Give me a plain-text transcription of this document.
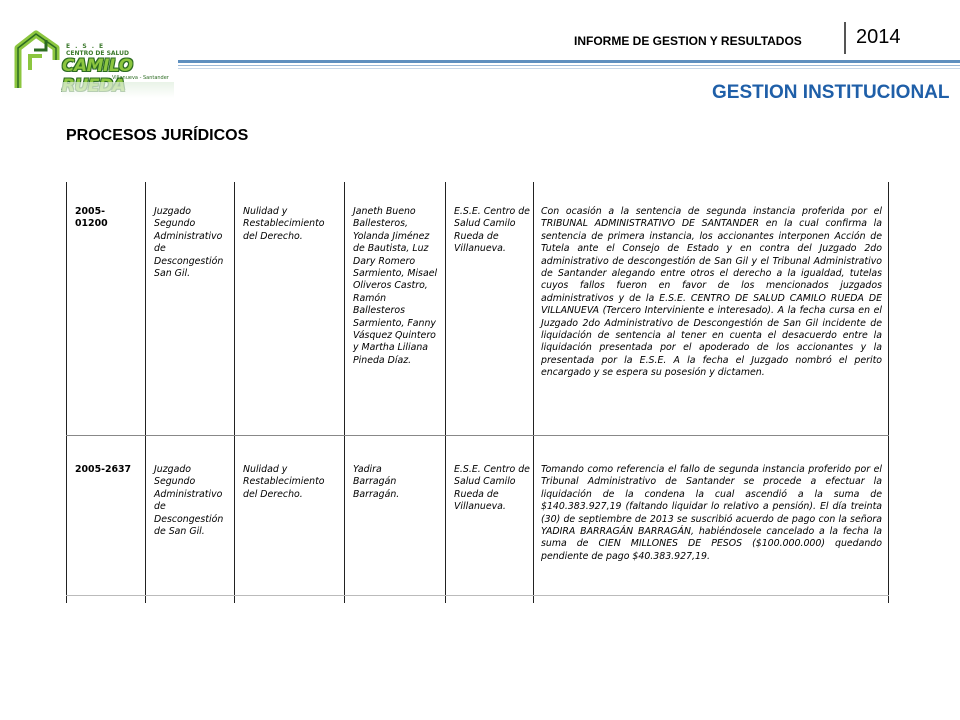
E.S.E
CENTRO DE SALUD
CAMILO
Villanueva - Santander
INFORME DE GESTION Y RESULTADOS	2014
GESTION INSTITUCIONAL
PROCESOS JURÍDICOS
2005-01200
Juzgado Segundo Administrativo de Descongestión San Gil.
Nulidad y Restablecimiento del Derecho.
Janeth Bueno Ballesteros, Yolanda Jiménez de Bautista, Luz Dary Romero Sarmiento, Misael Oliveros Castro, Ramón Ballesteros Sarmiento, Fanny Vásquez Quintero y Martha Liliana Pineda Díaz.
E.S.E. Centro de Salud Camilo Rueda de Villanueva.
Con ocasión a la sentencia de segunda instancia proferida por el TRIBUNAL ADMINISTRATIVO DE SANTANDER en la cual confirma la sentencia de primera instancia, los accionantes interponen Acción de Tutela ante el Consejo de Estado y en contra del Juzgado 2do administrativo de descongestión de San Gil y el Tribunal Administrativo de Santander alegando entre otros el derecho a la igualdad, tutelas cuyos fallos fueron en favor de los mencionados juzgados administrativos y de la E.S.E. CENTRO DE SALUD CAMILO RUEDA DE VILLANUEVA (Tercero Interviniente e interesado). A la fecha cursa en el Juzgado 2do Administrativo de Descongestión de San Gil incidente de liquidación de sentencia al tener en cuenta el desacuerdo entre la liquidación presentada por el apoderado de los accionantes y la presentada por la E.S.E. A la fecha el Juzgado nombró el perito encargado y se espera su posesión y dictamen.
2005-2637	Juzgado Segundo Administrativo de Descongestión de San Gil.
Nulidad y Restablecimiento del Derecho.
Yadira Barragán Barragán.
E.S.E. Centro de Salud Camilo Rueda de Villanueva.
Tomando como referencia el fallo de segunda instancia proferido por el Tribunal Administrativo de Santander se procede a efectuar la liquidación de la condena la cual ascendió a la suma de $140.383.927,19 (faltando liquidar lo relativo a pensión). El día treinta (30) de septiembre de 2013 se suscribió acuerdo de pago con la señora YADIRA BARRAGÁN BARRAGÁN, habiéndosele cancelado a la fecha la suma de CIEN MILLONES DE PESOS ($100.000.000) quedando pendiente de pago $40.383.927,19.
